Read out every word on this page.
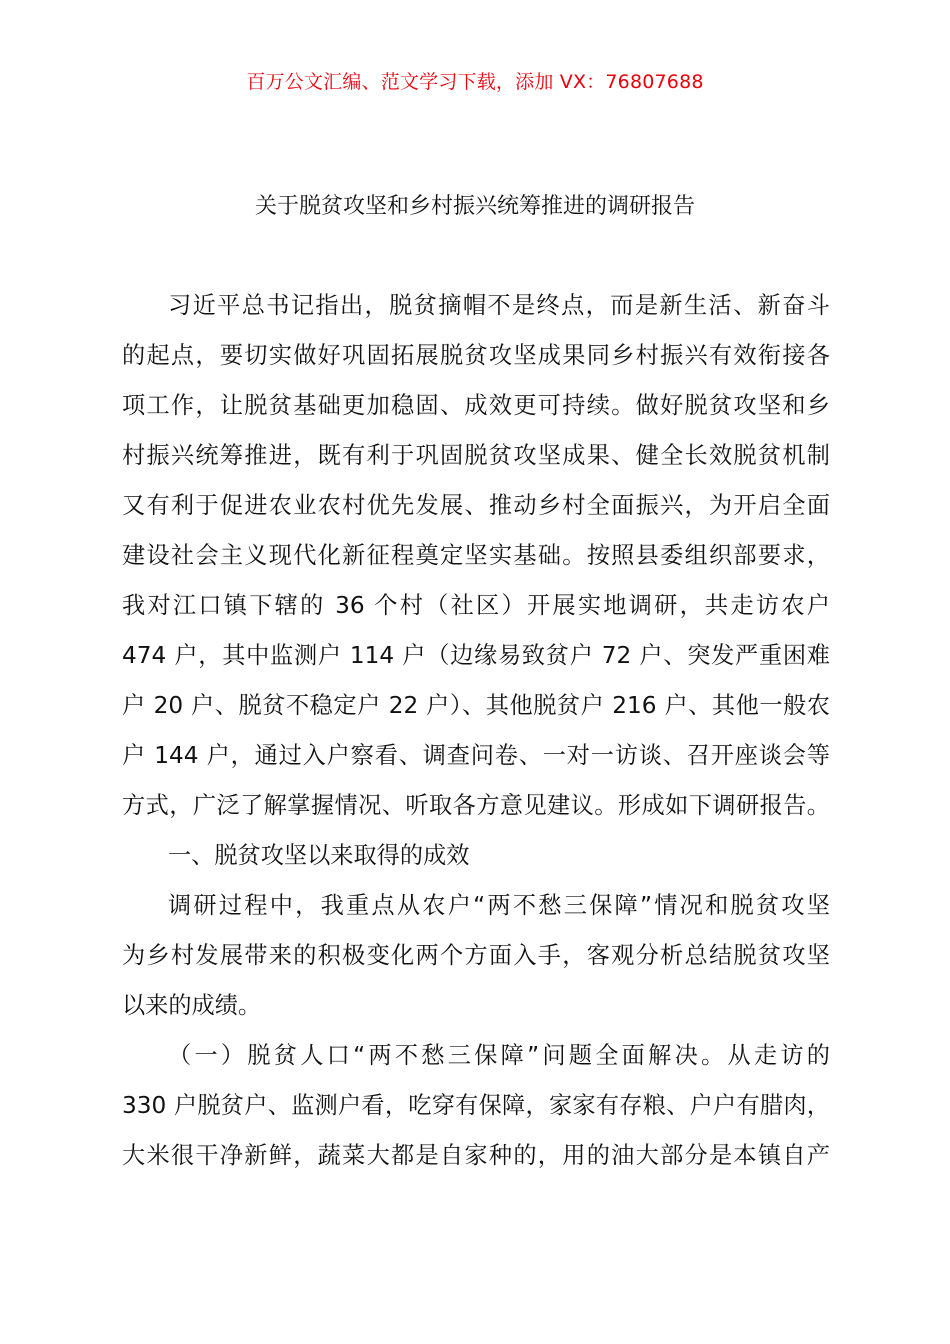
百万公文汇编、范文学习下载，添加 VX：76807688
关于脱贫攻坚和乡村振兴统筹推进的调研报告
习近平总书记指出，脱贫摘帽不是终点，而是新生活、新奋斗
的起点，要切实做好巩固拓展脱贫攻坚成果同乡村振兴有效衔接各
项工作，让脱贫基础更加稳固、成效更可持续。做好脱贫攻坚和乡
村振兴统筹推进，既有利于巩固脱贫攻坚成果、健全长效脱贫机制
又有利于促进农业农村优先发展、推动乡村全面振兴，为开启全面
建设社会主义现代化新征程奠定坚实基础。按照县委组织部要求，
我对江口镇下辖的 36 个村（社区）开展实地调研，共走访农户
474 户，其中监测户 114 户（边缘易致贫户 72 户、突发严重困难
户 20 户、脱贫不稳定户 22 户）、其他脱贫户 216 户、其他一般农
户 144 户，通过入户察看、调查问卷、一对一访谈、召开座谈会等
方式，广泛了解掌握情况、听取各方意见建议。形成如下调研报告。
一、脱贫攻坚以来取得的成效
调研过程中，我重点从农户“两不愁三保障”情况和脱贫攻坚
为乡村发展带来的积极变化两个方面入手，客观分析总结脱贫攻坚
以来的成绩。
（一）脱贫人口“两不愁三保障”问题全面解决。从走访的
330 户脱贫户、监测户看，吃穿有保障，家家有存粮、户户有腊肉，
大米很干净新鲜，蔬菜大都是自家种的，用的油大部分是本镇自产
